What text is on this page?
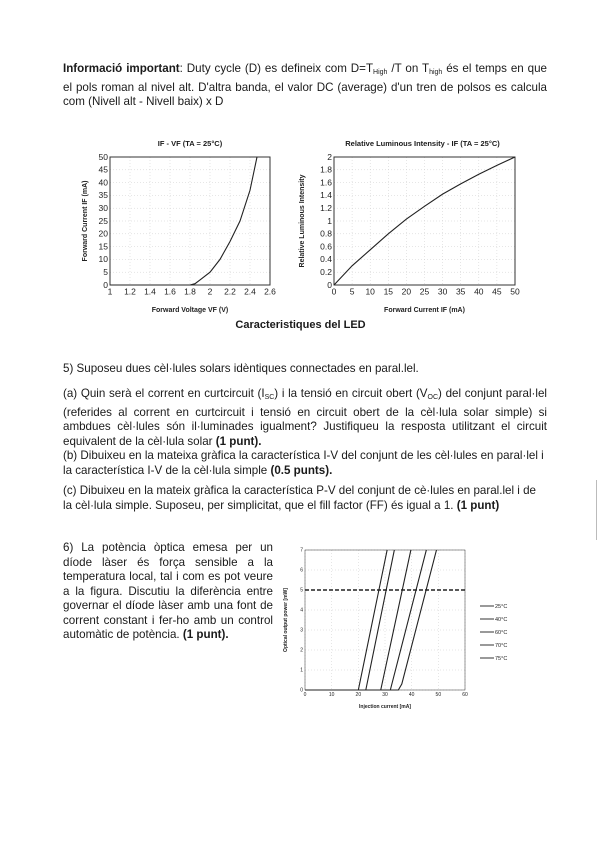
Informació important: Duty cycle (D) es defineix com $D=T_{High}$ /T on $T_{high}$ és el temps en que el pols roman al nivel alt. D'altra banda, el valor DC (average) d'un tren de polsos es calcula com (Nivell alt - Nivell baix) x D
IF - VF (TA = 25°C)
1 1.2 1.4 1.6 1.8 2 2.2 2.4 2.6
0
5
10
15
20
25
30
35
40
45
50
Forward Voltage VF (V)
Forward Current IF (mA)
Relative Luminous Intensity - IF (TA = 25°C)
0 5 10 15 20 25 30 35 40 45 50
0
0.2
0.4
0.6
0.8
1
1.2
1.4
1.6
1.8
2
Forward Current IF (mA)
Relative Luminous Intensity
Caracteristiques del LED
5) Suposeu dues cèl·lules solars idèntiques connectades en paral.lel.
(a) Quin serà el corrent en curtcircuit $(I_{SC})$ i la tensió en circuit obert $(V_{OC})$ del conjunt paral·lel (referides al corrent en curtcircuit i tensió en circuit obert de la cèl·lula solar simple) si ambdues cèl·lules són il·luminades igualment? Justifiqueu la resposta utilitzant el circuit equivalent de la cèl·lula solar (1 punt).
(b) Dibuixeu en la mateixa gràfica la característica I-V del conjunt de les cèl·lules en paral·lel i la característica I-V de la cèl·lula simple (0.5 punts).
(c) Dibuixeu en la mateix gràfica la característica P-V del conjunt de cè·lules en paral.lel i de la cèl·lula simple. Suposeu, per simplicitat, que el fill factor (FF) és igual a 1. (1 punt)
6) La potència òptica emesa per un díode làser és força sensible a la temperatura local, tal i com es pot veure a la figura. Discutiu la diferència entre governar el díode làser amb una font de corrent constant i fer-ho amb un control automàtic de potència. (1 punt).
0	10	20	30	40	50	60
0
1
2
3
4
5
6
7
25°C
40°C
60°C
70°C
75°C
Injection current [mA]
Optical output power [mW]
